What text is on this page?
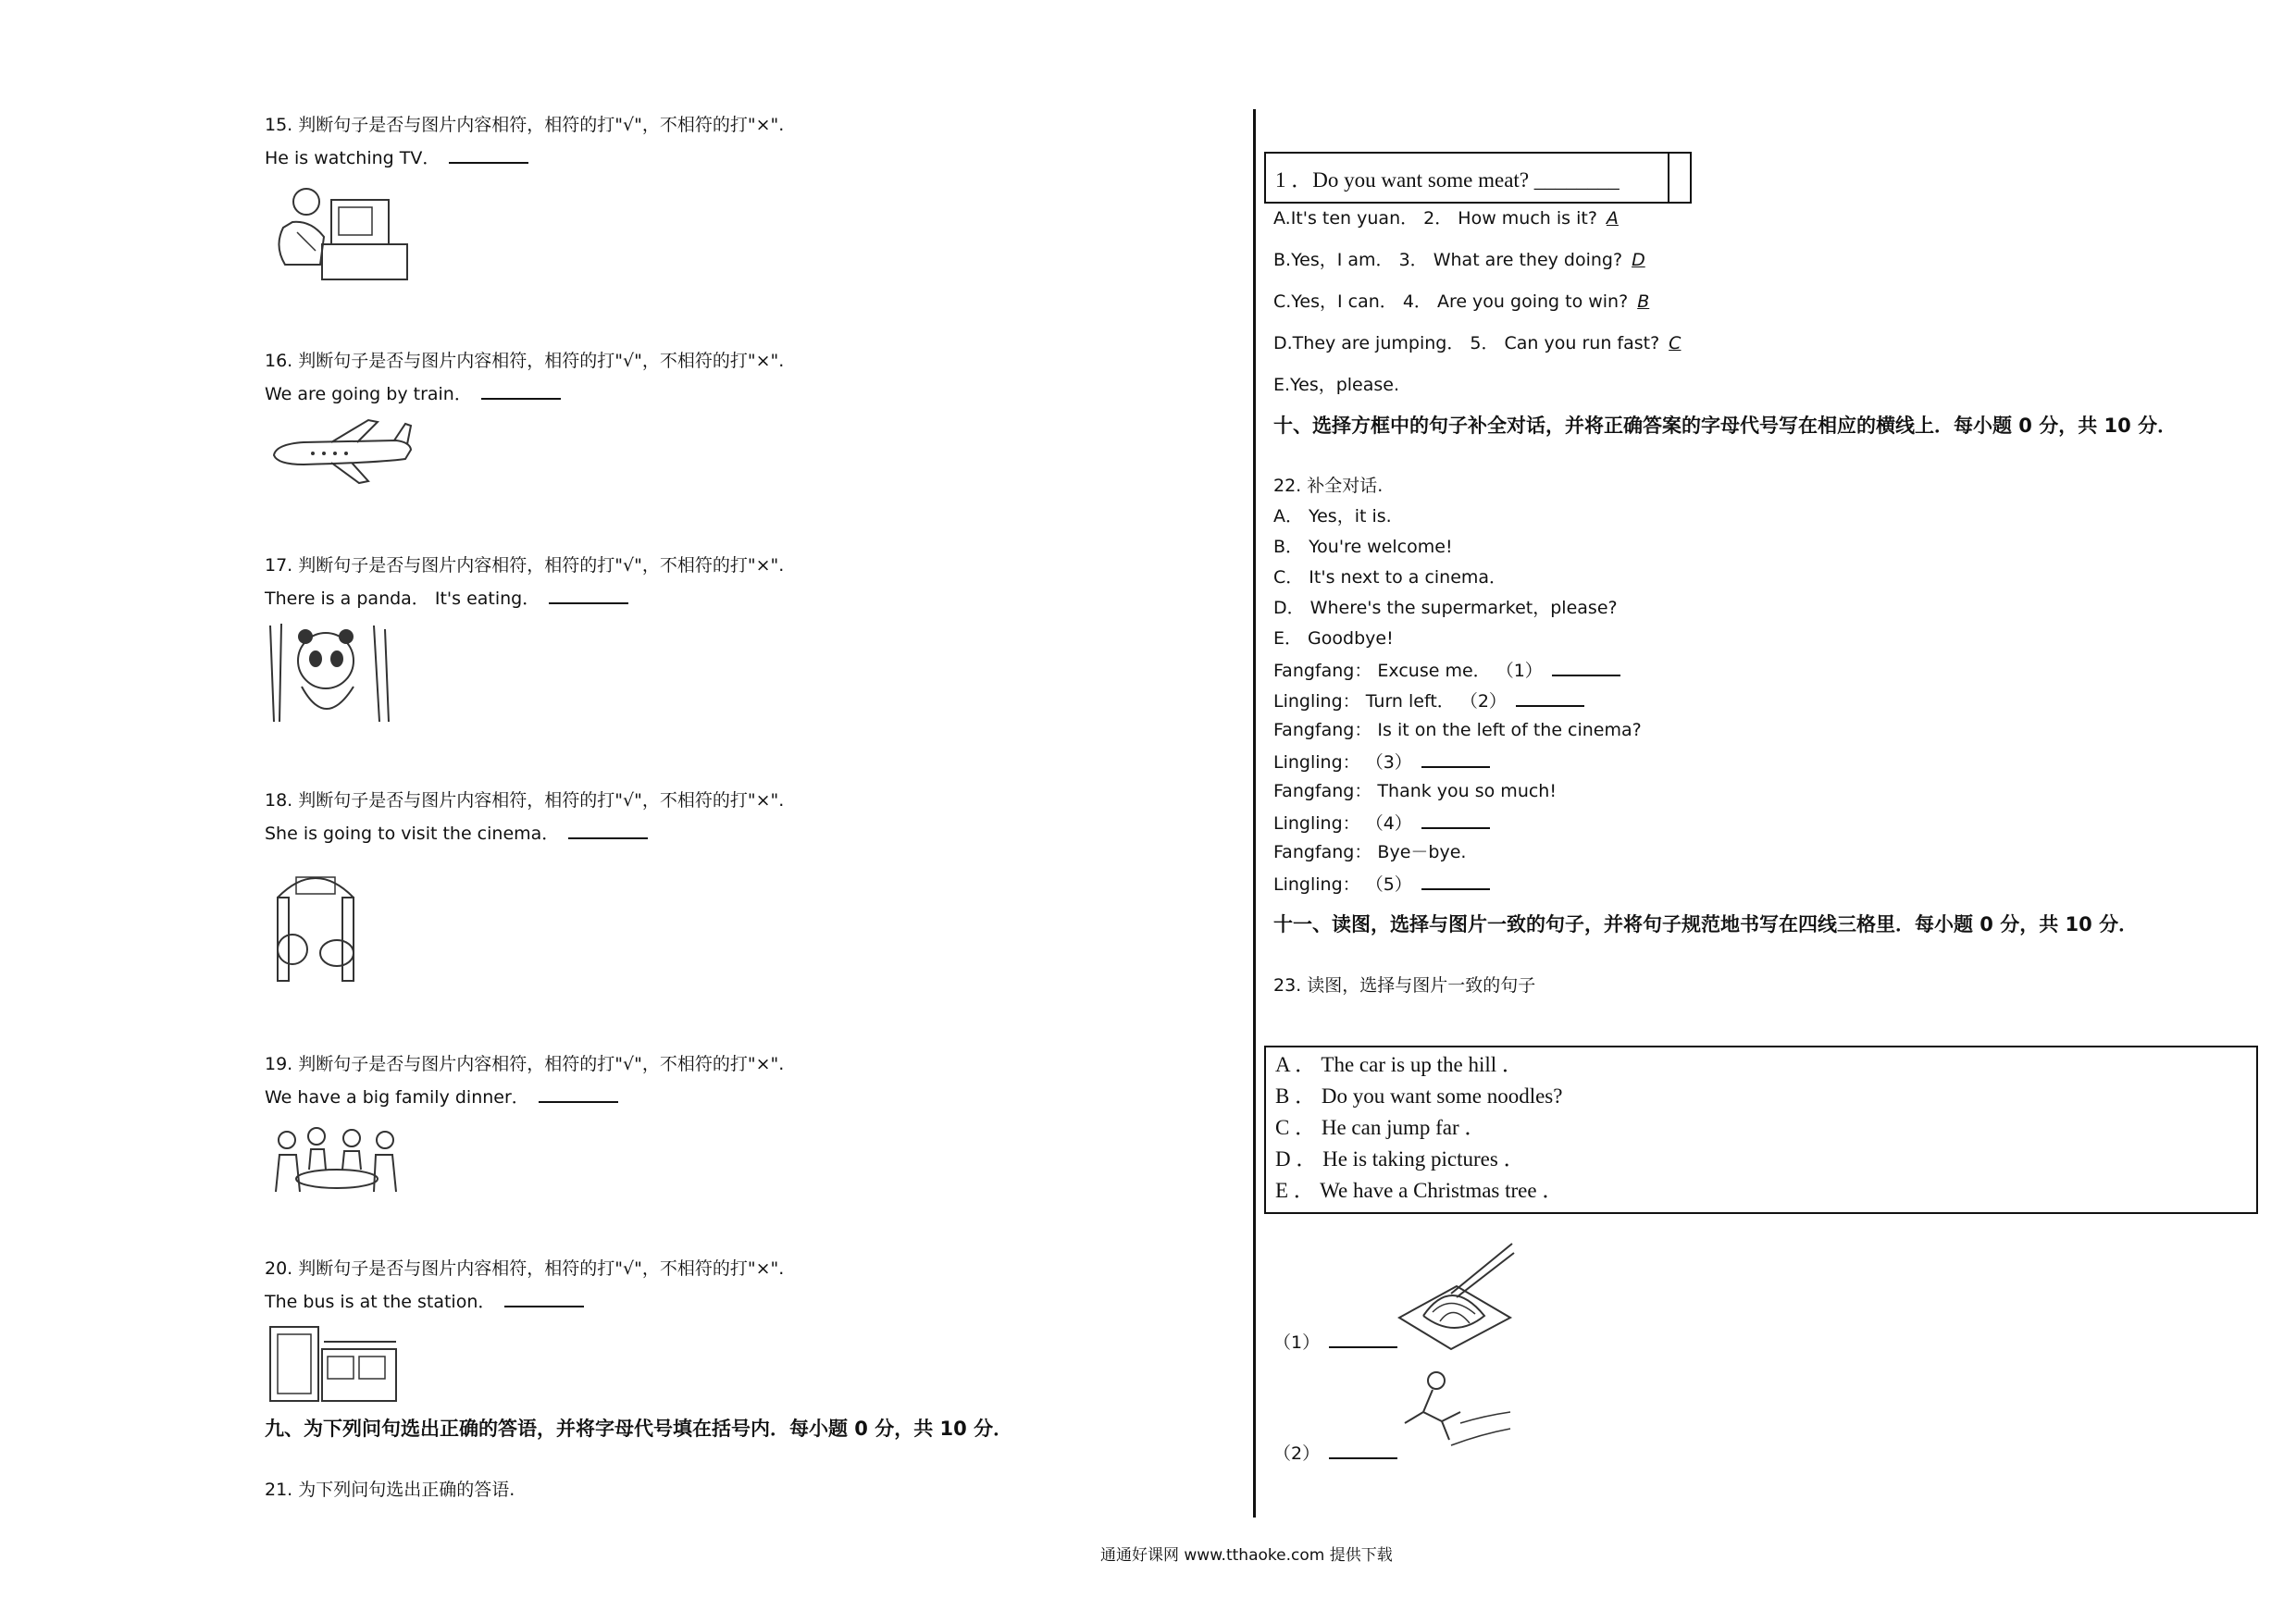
15. 判断句子是否与图片内容相符，相符的打"√"，不相符的打"×".
He is watching TV．
16. 判断句子是否与图片内容相符，相符的打"√"，不相符的打"×".
We are going by train．
17. 判断句子是否与图片内容相符，相符的打"√"，不相符的打"×".
There is a panda． It's eating．
18. 判断句子是否与图片内容相符，相符的打"√"，不相符的打"×".
She is going to visit the cinema．
19. 判断句子是否与图片内容相符，相符的打"√"，不相符的打"×".
We have a big family dinner．
20. 判断句子是否与图片内容相符，相符的打"√"，不相符的打"×".
The bus is at the station．
九、为下列问句选出正确的答语，并将字母代号填在括号内．每小题 0 分，共 10 分．
21. 为下列问句选出正确的答语.
1 ．Do you want some meat? ________
A.It's ten yuan． 2． How much is it? A
B.Yes，I am． 3． What are they doing? D
C.Yes，I can． 4． Are you going to win? B
D.They are jumping． 5． Can you run fast? C
E.Yes，please.
十、选择方框中的句子补全对话，并将正确答案的字母代号写在相应的横线上．每小题 0 分，共 10 分．
22. 补全对话.
A． Yes，it is.
B． You're welcome!
C． It's next to a cinema．
D． Where's the supermarket，please?
E． Goodbye!
Fangfang： Excuse me． （1）
Lingling： Turn left． （2）
Fangfang： Is it on the left of the cinema?
Lingling： （3）
Fangfang： Thank you so much!
Lingling： （4）
Fangfang： Bye－bye.
Lingling： （5）
十一、读图，选择与图片一致的句子，并将句子规范地书写在四线三格里．每小题 0 分，共 10 分．
23. 读图，选择与图片一致的句子
A ． The car is up the hill ．
B ． Do you want some noodles?
C ． He can jump far ．
D ． He is taking pictures ．
E ． We have a Christmas tree ．
（1）
（2）
通通好课网 www.tthaoke.com 提供下载
